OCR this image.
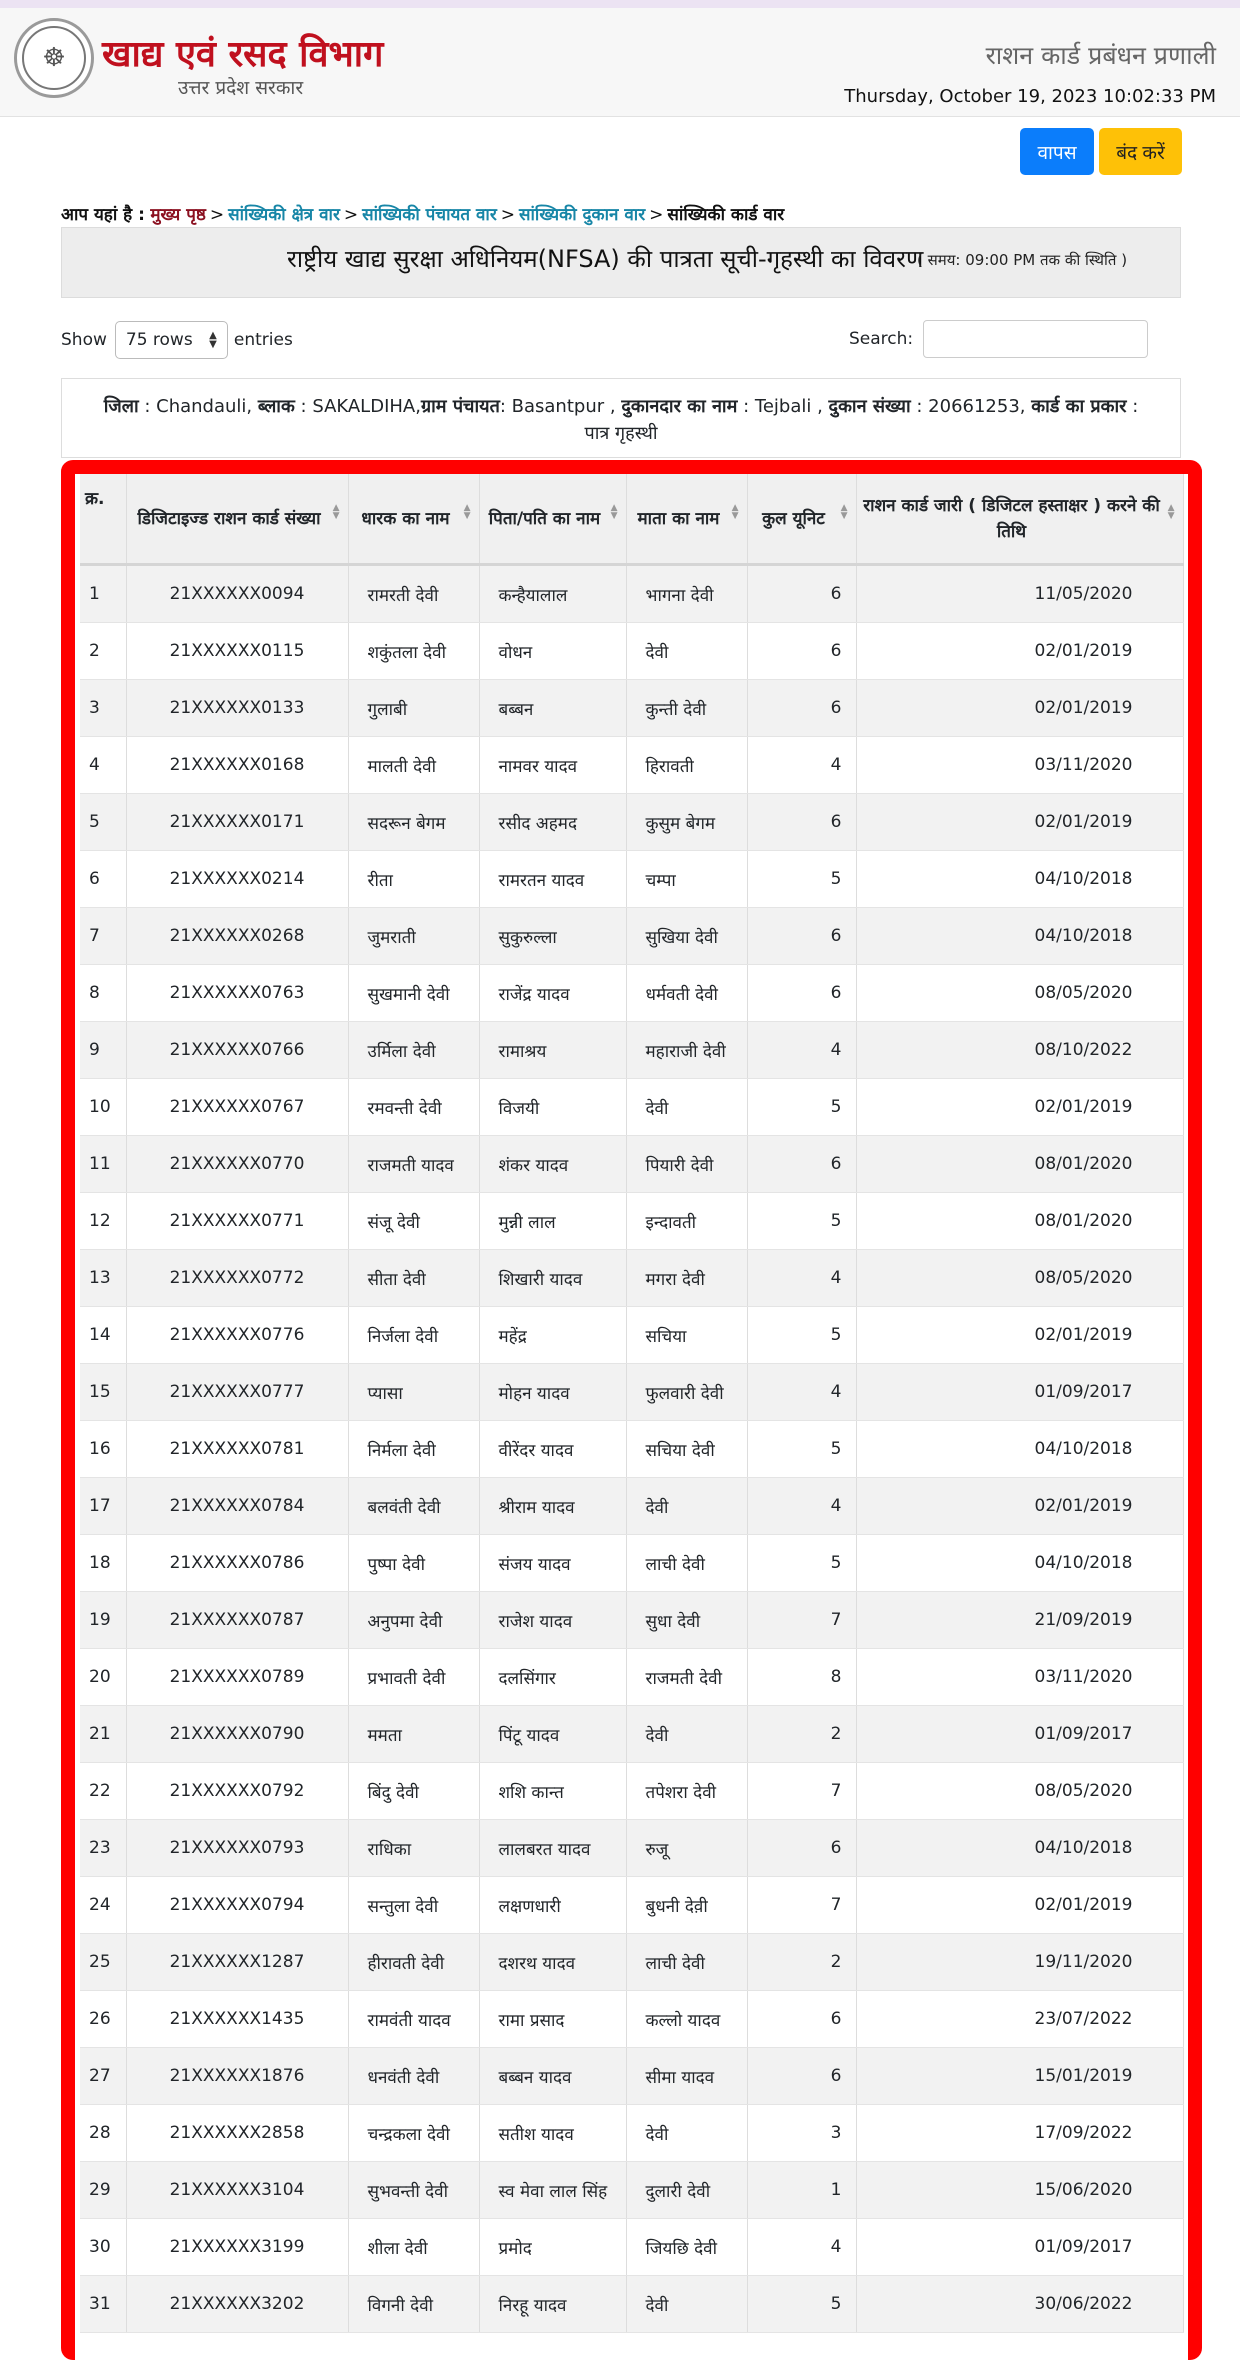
☸	खाद्य एवं रसद विभाग
उत्तर प्रदेश सरकार
राशन कार्ड प्रबंधन प्रणाली
Thursday, October 19, 2023 10:02:33 PM
वापस	बंद करें
आप यहां है : मुख्य पृष्ठ > सांख्यिकी क्षेत्र वार > सांख्यिकी पंचायत वार > सांख्यिकी दुकान वार > सांख्यिकी कार्ड वार
राष्ट्रीय खाद्य सुरक्षा अधिनियम(NFSA) की पात्रता सूची-गृहस्थी का विवरण
( समय: 09:00 PM तक की स्थिति )
Show 75 rows ▲
▼ entries	Search:
जिला : Chandauli, ब्लाक : SAKALDIHA,ग्राम पंचायत: Basantpur , दुकानदार का नाम : Tejbali , दुकान संख्या : 20661253, कार्ड का प्रकार : पात्र गृहस्थी
क्र.	डिजिटाइज्ड राशन कार्ड संख्या
▲
▼	धारक का नाम
▲
▼	पिता/पति का नाम
▲
▼	माता का नाम
▲
▼	कुल यूनिट
▲
▼	राशन कार्ड जारी ( डिजिटल हस्ताक्षर ) करने की तिथि
▲
▼

1	21XXXXXX0094	रामरती देवी	कन्हैयालाल	भागना देवी	6	11/05/2020
2	21XXXXXX0115	शकुंतला देवी	वोधन	देवी	6	02/01/2019
3	21XXXXXX0133	गुलाबी	बब्बन	कुन्ती देवी	6	02/01/2019
4	21XXXXXX0168	मालती देवी	नामवर यादव	हिरावती	4	03/11/2020
5	21XXXXXX0171	सदरून बेगम	रसीद अहमद	कुसुम बेगम	6	02/01/2019
6	21XXXXXX0214	रीता	रामरतन यादव	चम्पा	5	04/10/2018
7	21XXXXXX0268	जुमराती	सुकुरुल्ला	सुखिया देवी	6	04/10/2018
8	21XXXXXX0763	सुखमानी देवी	राजेंद्र यादव	धर्मवती देवी	6	08/05/2020
9	21XXXXXX0766	उर्मिला देवी	रामाश्रय	महाराजी देवी	4	08/10/2022
10	21XXXXXX0767	रमवन्ती देवी	विजयी	देवी	5	02/01/2019
11	21XXXXXX0770	राजमती यादव	शंकर यादव	पियारी देवी	6	08/01/2020
12	21XXXXXX0771	संजू देवी	मुन्नी लाल	इन्दावती	5	08/01/2020
13	21XXXXXX0772	सीता देवी	शिखारी यादव	मगरा देवी	4	08/05/2020
14	21XXXXXX0776	निर्जला देवी	महेंद्र	सचिया	5	02/01/2019
15	21XXXXXX0777	प्यासा	मोहन यादव	फुलवारी देवी	4	01/09/2017
16	21XXXXXX0781	निर्मला देवी	वीरेंदर यादव	सचिया देवी	5	04/10/2018
17	21XXXXXX0784	बलवंती देवी	श्रीराम यादव	देवी	4	02/01/2019
18	21XXXXXX0786	पुष्पा देवी	संजय यादव	लाची देवी	5	04/10/2018
19	21XXXXXX0787	अनुपमा देवी	राजेश यादव	सुधा देवी	7	21/09/2019
20	21XXXXXX0789	प्रभावती देवी	दलसिंगार	राजमती देवी	8	03/11/2020
21	21XXXXXX0790	ममता	पिंटू यादव	देवी	2	01/09/2017
22	21XXXXXX0792	बिंदु देवी	शशि कान्त	तपेशरा देवी	7	08/05/2020
23	21XXXXXX0793	राधिका	लालबरत यादव	रुजू	6	04/10/2018
24	21XXXXXX0794	सन्तुला देवी	लक्षणधारी	बुधनी देव़ी	7	02/01/2019
25	21XXXXXX1287	हीरावती देवी	दशरथ यादव	लाची देवी	2	19/11/2020
26	21XXXXXX1435	रामवंती यादव	रामा प्रसाद	कल्लो यादव	6	23/07/2022
27	21XXXXXX1876	धनवंती देवी	बब्बन यादव	सीमा यादव	6	15/01/2019
28	21XXXXXX2858	चन्द्रकला देवी	सतीश यादव	देवी	3	17/09/2022
29	21XXXXXX3104	सुभवन्ती देवी	स्व मेवा लाल सिंह	दुलारी देवी	1	15/06/2020
30	21XXXXXX3199	शीला देवी	प्रमोद	जियछि देवी	4	01/09/2017
31	21XXXXXX3202	विगनी देवी	निरहू यादव	देवी	5	30/06/2022
